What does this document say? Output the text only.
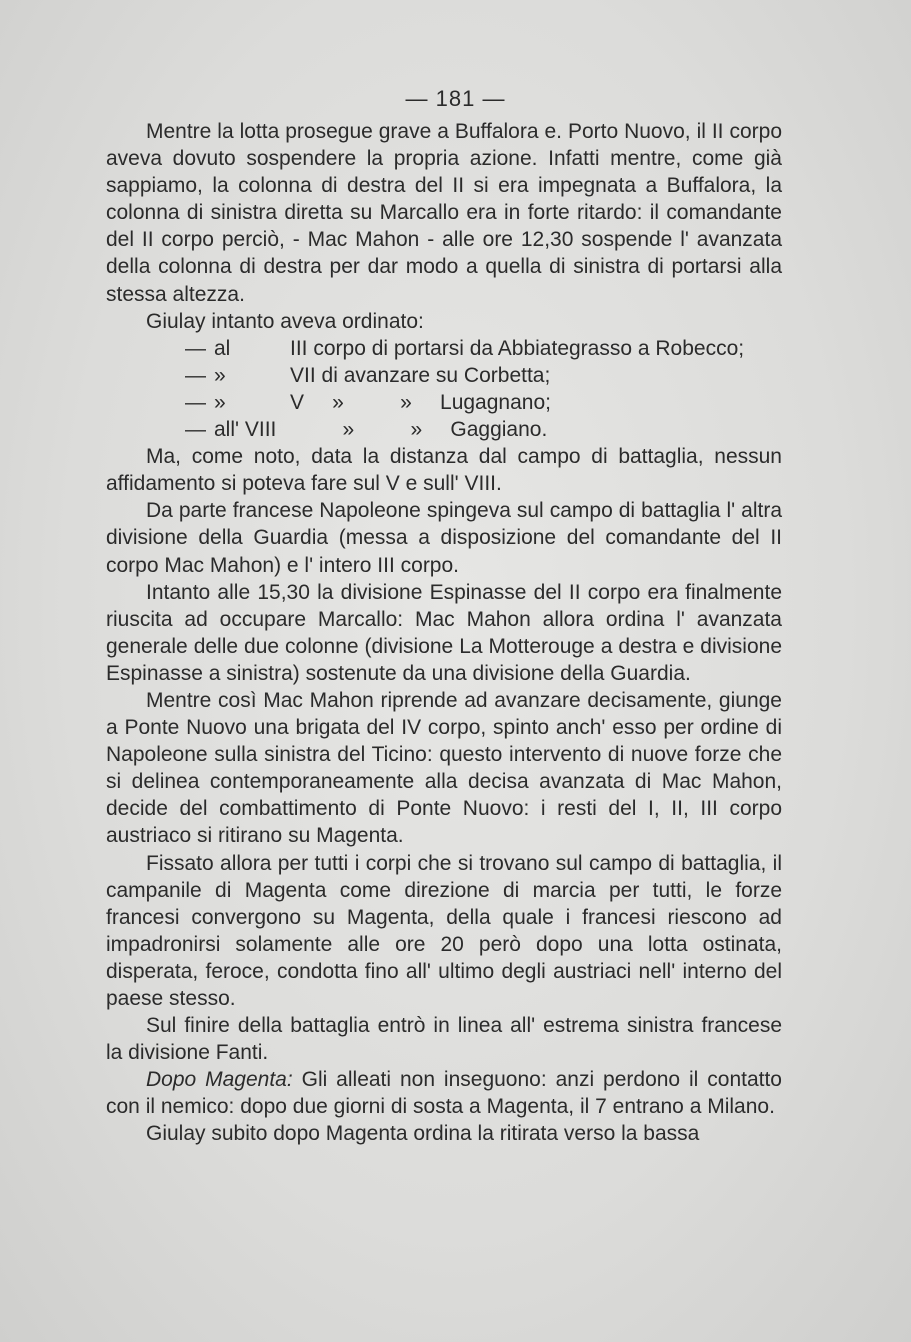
— 181 —

Mentre la lotta prosegue grave a Buffalora e. Porto Nuovo, il II corpo aveva dovuto sospendere la propria azione. Infatti mentre, come già sappiamo, la colonna di destra del II si era impegnata a Buffalora, la colonna di sinistra diretta su Marcallo era in forte ritardo: il comandante del II corpo perciò, - Mac Mahon - alle ore 12,30 sospende l' avanzata della colonna di destra per dar modo a quella di sinistra di portarsi alla stessa altezza.

Giulay intanto aveva ordinato:

— al	III corpo di portarsi da Abbiategrasso a Robecco;
— »	VII di avanzare su Corbetta;
— »	V »	» Lugagnano;
— all' VIII	»	» Gaggiano.

Ma, come noto, data la distanza dal campo di battaglia, nessun affidamento si poteva fare sul V e sull' VIII.

Da parte francese Napoleone spingeva sul campo di battaglia l' altra divisione della Guardia (messa a disposizione del comandante del II corpo Mac Mahon) e l' intero III corpo.

Intanto alle 15,30 la divisione Espinasse del II corpo era finalmente riuscita ad occupare Marcallo: Mac Mahon allora ordina l' avanzata generale delle due colonne (divisione La Motterouge a destra e divisione Espinasse a sinistra) sostenute da una divisione della Guardia.

Mentre così Mac Mahon riprende ad avanzare decisamente, giunge a Ponte Nuovo una brigata del IV corpo, spinto anch' esso per ordine di Napoleone sulla sinistra del Ticino: questo intervento di nuove forze che si delinea contemporaneamente alla decisa avanzata di Mac Mahon, decide del combattimento di Ponte Nuovo: i resti del I, II, III corpo austriaco si ritirano su Magenta.

Fissato allora per tutti i corpi che si trovano sul campo di battaglia, il campanile di Magenta come direzione di marcia per tutti, le forze francesi convergono su Magenta, della quale i francesi riescono ad impadronirsi solamente alle ore 20 però dopo una lotta ostinata, disperata, feroce, condotta fino all' ultimo degli austriaci nell' interno del paese stesso.

Sul finire della battaglia entrò in linea all' estrema sinistra francese la divisione Fanti.

Dopo Magenta: Gli alleati non inseguono: anzi perdono il contatto con il nemico: dopo due giorni di sosta a Magenta, il 7 entrano a Milano.

Giulay subito dopo Magenta ordina la ritirata verso la bassa
